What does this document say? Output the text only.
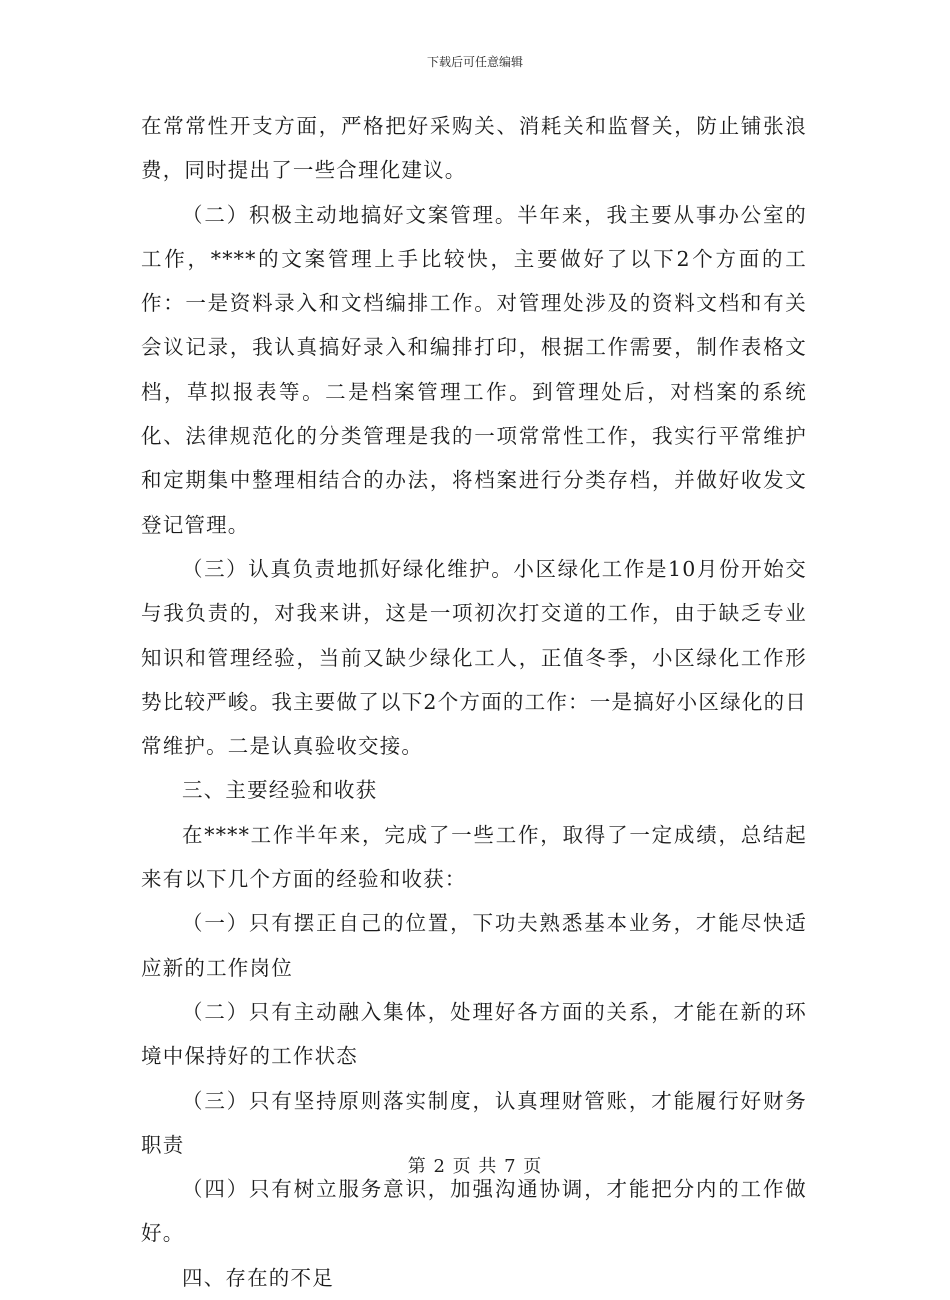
下载后可任意编辑

在常常性开支方面，严格把好采购关、消耗关和监督关，防止铺张浪费，同时提出了一些合理化建议。

（二）积极主动地搞好文案管理。半年来，我主要从事办公室的工作，****的文案管理上手比较快，主要做好了以下2个方面的工作：一是资料录入和文档编排工作。对管理处涉及的资料文档和有关会议记录，我认真搞好录入和编排打印，根据工作需要，制作表格文档，草拟报表等。二是档案管理工作。到管理处后，对档案的系统化、法律规范化的分类管理是我的一项常常性工作，我实行平常维护和定期集中整理相结合的办法，将档案进行分类存档，并做好收发文登记管理。

（三）认真负责地抓好绿化维护。小区绿化工作是10月份开始交与我负责的，对我来讲，这是一项初次打交道的工作，由于缺乏专业知识和管理经验，当前又缺少绿化工人，正值冬季，小区绿化工作形势比较严峻。我主要做了以下2个方面的工作：一是搞好小区绿化的日常维护。二是认真验收交接。

三、主要经验和收获

在****工作半年来，完成了一些工作，取得了一定成绩，总结起来有以下几个方面的经验和收获：

（一）只有摆正自己的位置，下功夫熟悉基本业务，才能尽快适应新的工作岗位

（二）只有主动融入集体，处理好各方面的关系，才能在新的环境中保持好的工作状态

（三）只有坚持原则落实制度，认真理财管账，才能履行好财务职责

（四）只有树立服务意识，加强沟通协调，才能把分内的工作做好。

四、存在的不足

第 2 页 共 7 页
